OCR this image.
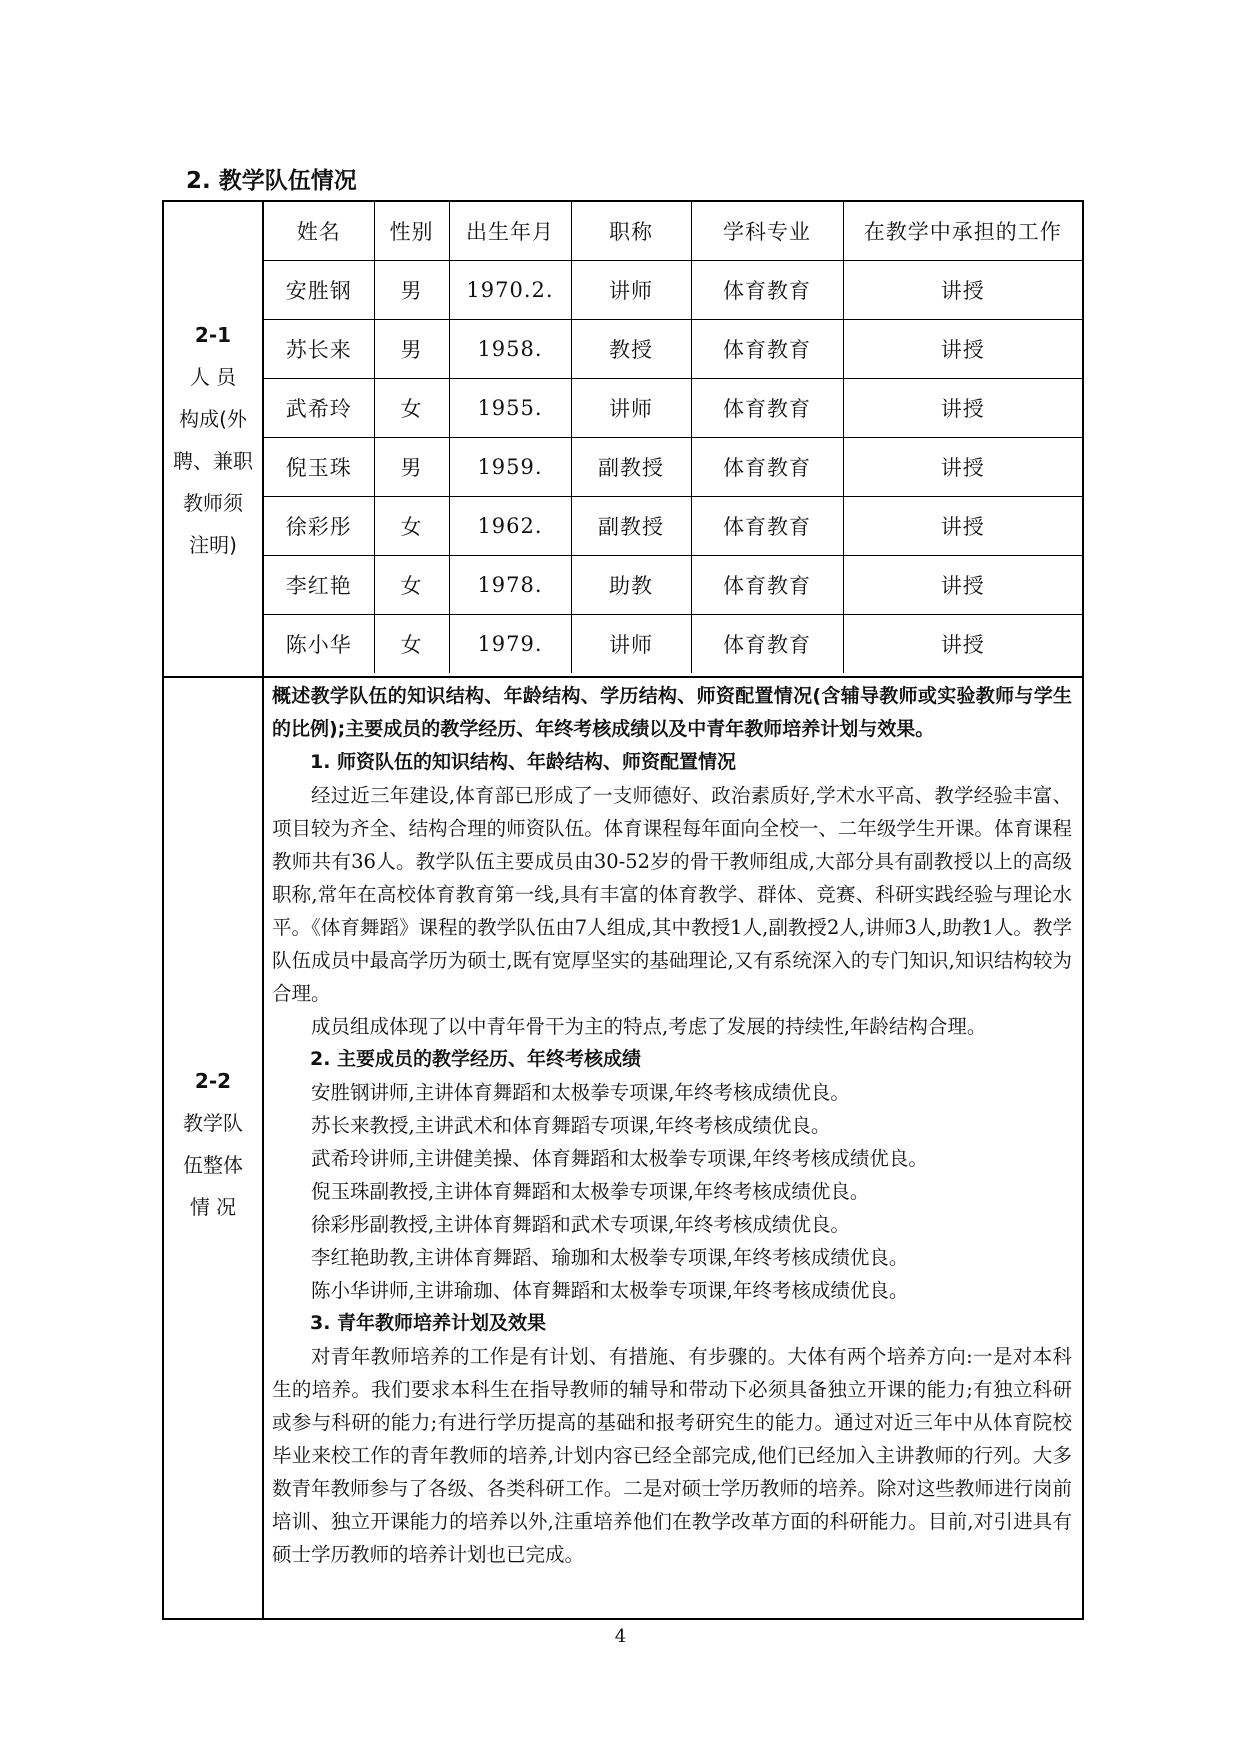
2. 教学队伍情况
2-1
人 员
构成(外
聘、兼职
教师须
注明)
姓名	性别	出生年月	职称	学科专业	在教学中承担的工作
安胜钢	男	1970.2.	讲师	体育教育	讲授
苏长来	男	1958.	教授	体育教育	讲授
武希玲	女	1955.	讲师	体育教育	讲授
倪玉珠	男	1959.	副教授	体育教育	讲授
徐彩彤	女	1962.	副教授	体育教育	讲授
李红艳	女	1978.	助教	体育教育	讲授
陈小华	女	1979.	讲师	体育教育	讲授
2-2
教学队
伍整体
情 况

概述教学队伍的知识结构、年龄结构、学历结构、师资配置情况(含辅导教师或实验教师与学生的比例);主要成员的教学经历、年终考核成绩以及中青年教师培养计划与效果。

1. 师资队伍的知识结构、年龄结构、师资配置情况

经过近三年建设,体育部已形成了一支师德好、政治素质好,学术水平高、教学经验丰富、项目较为齐全、结构合理的师资队伍。体育课程每年面向全校一、二年级学生开课。体育课程教师共有36人。教学队伍主要成员由30-52岁的骨干教师组成,大部分具有副教授以上的高级职称,常年在高校体育教育第一线,具有丰富的体育教学、群体、竞赛、科研实践经验与理论水平。《体育舞蹈》课程的教学队伍由7人组成,其中教授1人,副教授2人,讲师3人,助教1人。教学队伍成员中最高学历为硕士,既有宽厚坚实的基础理论,又有系统深入的专门知识,知识结构较为合理。

成员组成体现了以中青年骨干为主的特点,考虑了发展的持续性,年龄结构合理。

2. 主要成员的教学经历、年终考核成绩

安胜钢讲师,主讲体育舞蹈和太极拳专项课,年终考核成绩优良。

苏长来教授,主讲武术和体育舞蹈专项课,年终考核成绩优良。

武希玲讲师,主讲健美操、体育舞蹈和太极拳专项课,年终考核成绩优良。

倪玉珠副教授,主讲体育舞蹈和太极拳专项课,年终考核成绩优良。

徐彩彤副教授,主讲体育舞蹈和武术专项课,年终考核成绩优良。

李红艳助教,主讲体育舞蹈、瑜珈和太极拳专项课,年终考核成绩优良。

陈小华讲师,主讲瑜珈、体育舞蹈和太极拳专项课,年终考核成绩优良。

3. 青年教师培养计划及效果

对青年教师培养的工作是有计划、有措施、有步骤的。大体有两个培养方向:一是对本科生的培养。我们要求本科生在指导教师的辅导和带动下必须具备独立开课的能力;有独立科研或参与科研的能力;有进行学历提高的基础和报考研究生的能力。通过对近三年中从体育院校毕业来校工作的青年教师的培养,计划内容已经全部完成,他们已经加入主讲教师的行列。大多数青年教师参与了各级、各类科研工作。二是对硕士学历教师的培养。除对这些教师进行岗前培训、独立开课能力的培养以外,注重培养他们在教学改革方面的科研能力。目前,对引进具有硕士学历教师的培养计划也已完成。

4
